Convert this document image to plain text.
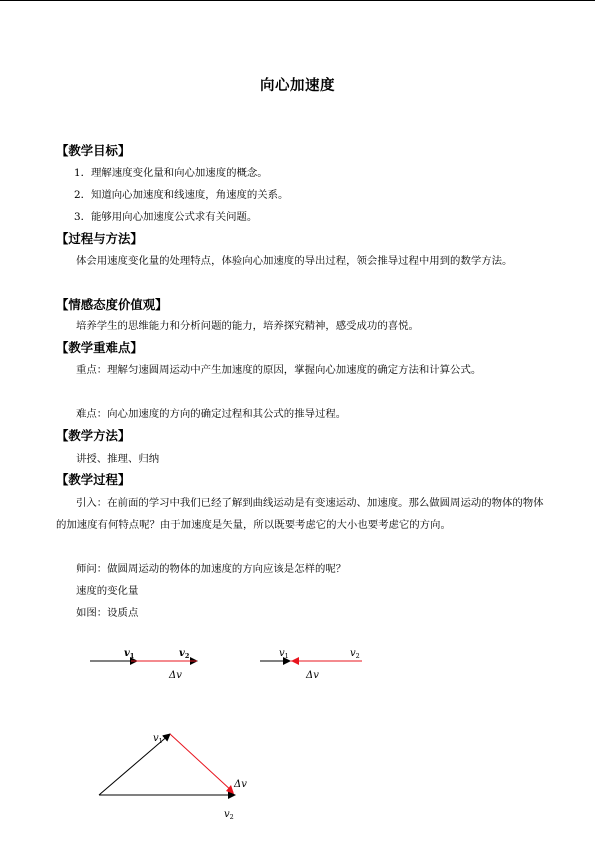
向心加速度
【教学目标】
1．理解速度变化量和向心加速度的概念。
2．知道向心加速度和线速度，角速度的关系。
3．能够用向心加速度公式求有关问题。
【过程与方法】
体会用速度变化量的处理特点，体验向心加速度的导出过程，领会推导过程中用到的数学方法。
【情感态度价值观】
培养学生的思维能力和分析问题的能力，培养探究精神，感受成功的喜悦。
【教学重难点】
重点：理解匀速圆周运动中产生加速度的原因，掌握向心加速度的确定方法和计算公式。
难点：向心加速度的方向的确定过程和其公式的推导过程。
【教学方法】
讲授、推理、归纳
【教学过程】
引入：在前面的学习中我们已经了解到曲线运动是有变速运动、加速度。那么做圆周运动的物体的物体的加速度有何特点呢？由于加速度是矢量，所以既要考虑它的大小也要考虑它的方向。
师问：做圆周运动的物体的加速度的方向应该是怎样的呢？
速度的变化量
如图：设质点
$v_1$	$v_2$
Δv
$v_1$	$v_2$
Δv
$v_1$
Δv
$v_2$
